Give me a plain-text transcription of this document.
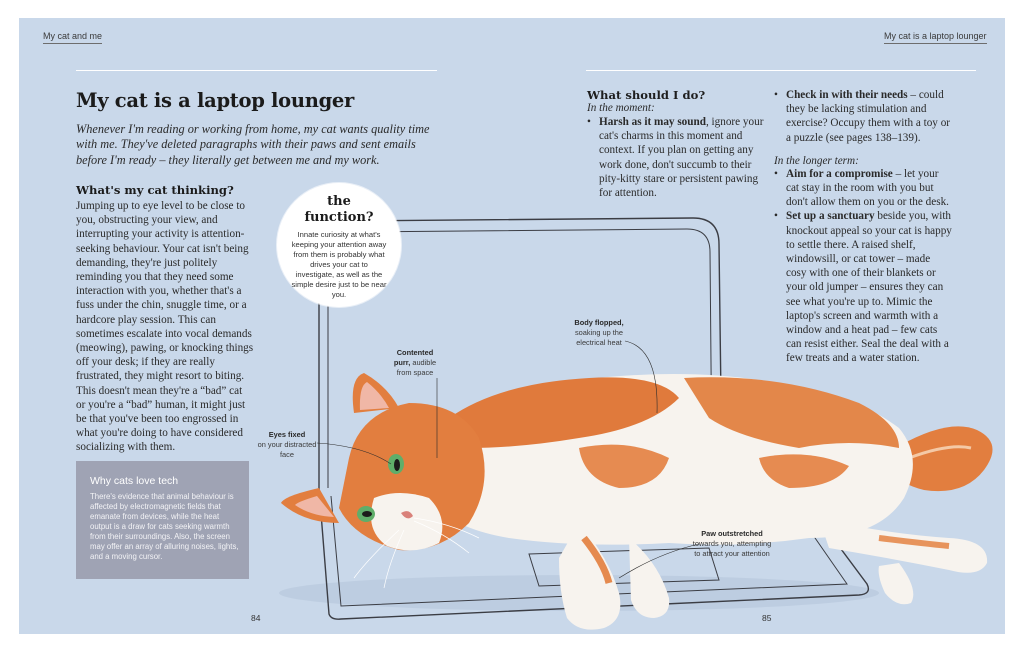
My cat and me
My cat is a laptop lounger
Whenever I'm reading or working from home, my cat wants quality time with me. They've deleted paragraphs with their paws and sent emails before I'm ready – they literally get between me and my work.
What's my cat thinking?
Jumping up to eye level to be close to you, obstructing your view, and interrupting your activity is attention-seeking behaviour. Your cat isn't being demanding, they're just politely reminding you that they need some interaction with you, whether that's a fuss under the chin, snuggle time, or a hardcore play session. This can sometimes escalate into vocal demands (meowing), pawing, or knocking things off your desk; if they are really frustrated, they might resort to biting. This doesn't mean they're a “bad” cat or you're a “bad” human, it might just be that you've been too engrossed in what you're doing to have considered socializing with them.
the
function?
Innate curiosity at what's keeping your attention away from them is probably what drives your cat to investigate, as well as the simple desire just to be near you.
Why cats love tech
There's evidence that animal behaviour is affected by electromagnetic fields that emanate from devices, while the heat output is a draw for cats seeking warmth from their surroundings. Also, the screen may offer an array of alluring noises, lights, and a moving cursor.
84
Eyes fixed
on your distracted face
Contented purr, audible from space
Body flopped, soaking up the electrical heat
Paw outstretched
towards you, attempting to attract your attention
My cat is a laptop lounger
What should I do?
In the moment:
• Harsh as it may sound, ignore your cat's charms in this moment and context. If you plan on getting any work done, don't succumb to their pity-kitty stare or persistent pawing for attention.
• Check in with their needs – could they be lacking stimulation and exercise? Occupy them with a toy or a puzzle (see pages 138–139).
In the longer term:
• Aim for a compromise – let your cat stay in the room with you but don't allow them on you or the desk.
• Set up a sanctuary beside you, with knockout appeal so your cat is happy to settle there. A raised shelf, windowsill, or cat tower – made cosy with one of their blankets or your old jumper – ensures they can see what you're up to. Mimic the laptop's screen and warmth with a window and a heat pad – few cats can resist either. Seal the deal with a few treats and a water station.
85
